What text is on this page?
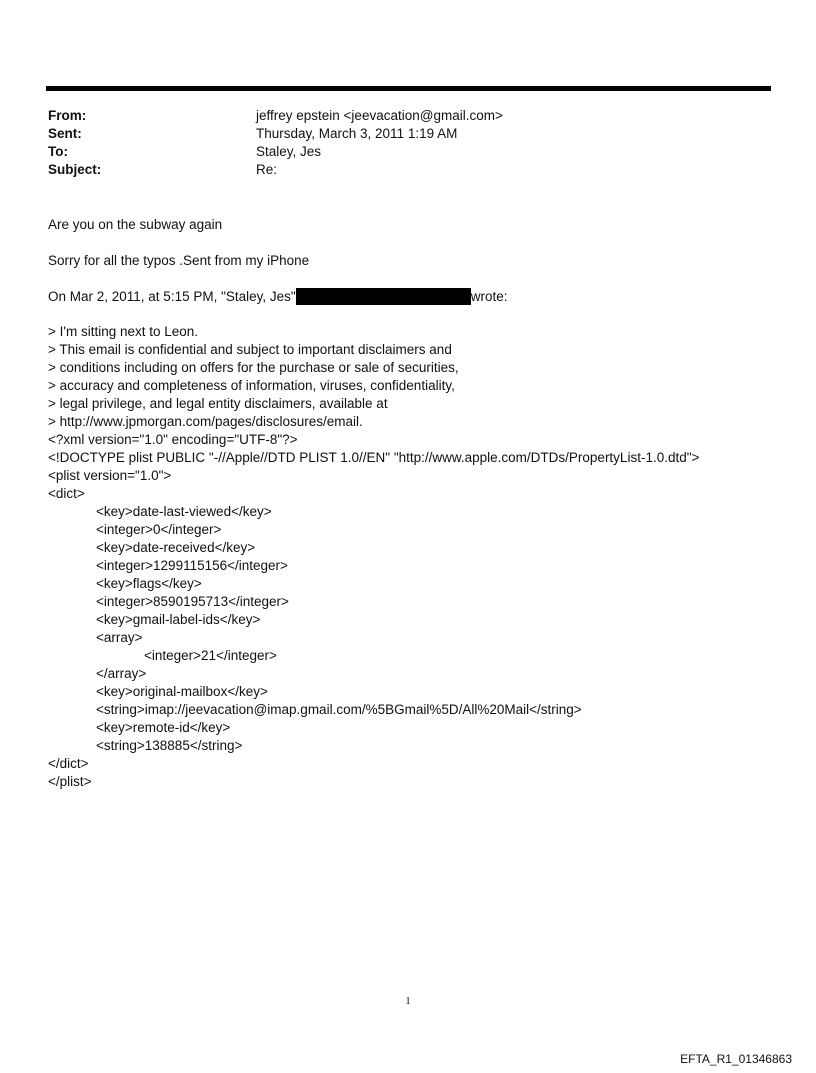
From:	jeffrey epstein <jeevacation@gmail.com>
Sent:	Thursday, March 3, 2011 1:19 AM
To:	Staley, Jes
Subject:	Re:
Are you on the subway again
Sorry for all the typos .Sent from my iPhone
On Mar 2, 2011, at 5:15 PM, "Staley, Jes"	wrote:
> I'm sitting next to Leon.
> This email is confidential and subject to important disclaimers and
> conditions including on offers for the purchase or sale of securities,
> accuracy and completeness of information, viruses, confidentiality,
> legal privilege, and legal entity disclaimers, available at
> http://www.jpmorgan.com/pages/disclosures/email.
<?xml version="1.0" encoding="UTF-8"?>
<!DOCTYPE plist PUBLIC "-//Apple//DTD PLIST 1.0//EN" "http://www.apple.com/DTDs/PropertyList-1.0.dtd">
<plist version="1.0">
<dict>
<key>date-last-viewed</key>
<integer>0</integer>
<key>date-received</key>
<integer>1299115156</integer>
<key>flags</key>
<integer>8590195713</integer>
<key>gmail-label-ids</key>
<array>
<integer>21</integer>
</array>
<key>original-mailbox</key>
<string>imap://jeevacation@imap.gmail.com/%5BGmail%5D/All%20Mail</string>
<key>remote-id</key>
<string>138885</string>
</dict>
</plist>
1
EFTA_R1_01346863
